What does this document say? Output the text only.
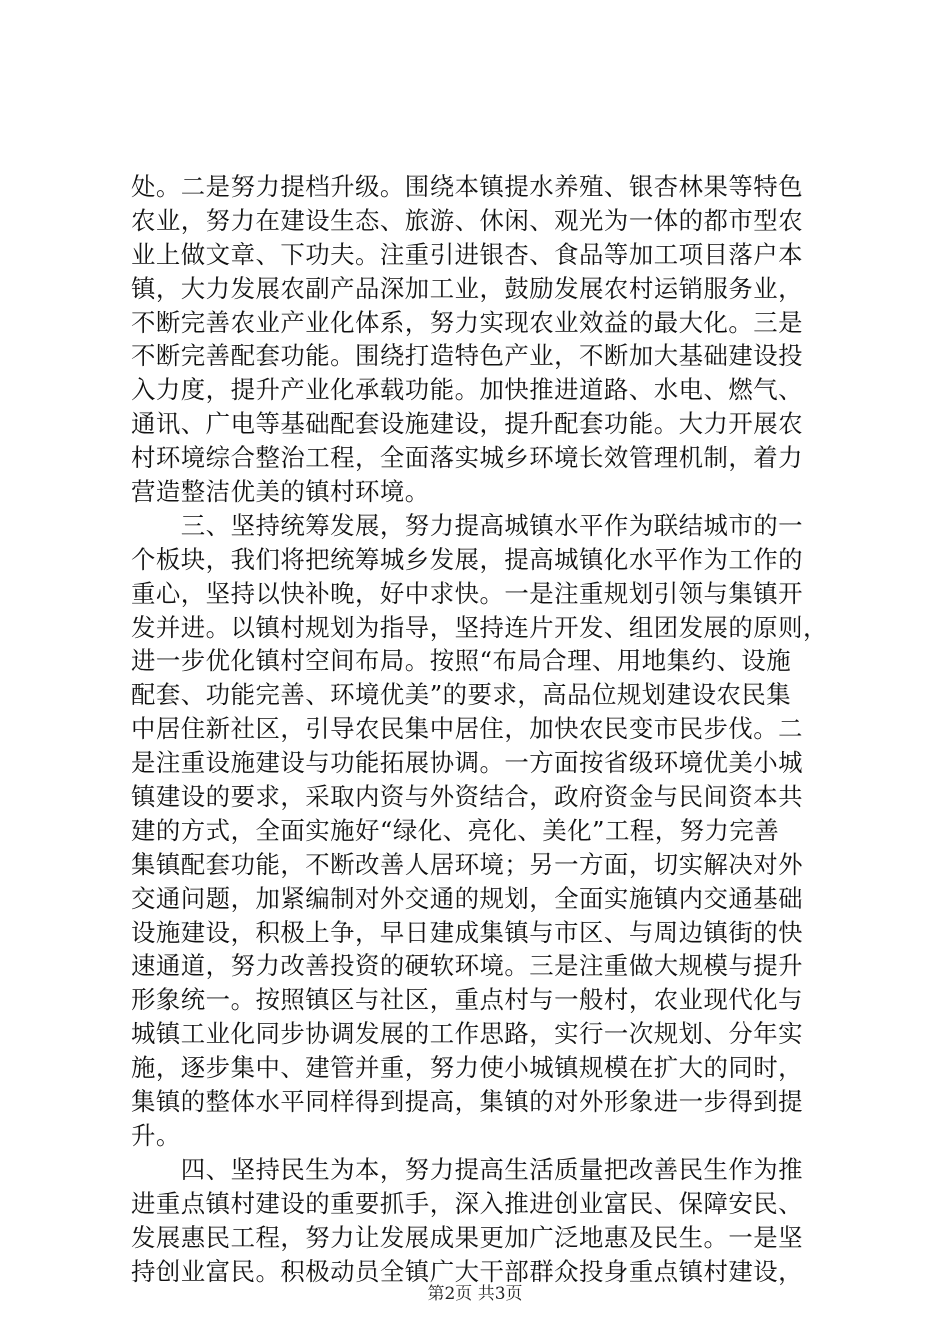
处。二是努力提档升级。围绕本镇提水养殖、银杏林果等特色
农业，努力在建设生态、旅游、休闲、观光为一体的都市型农
业上做文章、下功夫。注重引进银杏、食品等加工项目落户本
镇，大力发展农副产品深加工业，鼓励发展农村运销服务业，
不断完善农业产业化体系，努力实现农业效益的最大化。三是
不断完善配套功能。围绕打造特色产业，不断加大基础建设投
入力度，提升产业化承载功能。加快推进道路、水电、燃气、
通讯、广电等基础配套设施建设，提升配套功能。大力开展农
村环境综合整治工程，全面落实城乡环境长效管理机制，着力
营造整洁优美的镇村环境。
　　三、坚持统筹发展，努力提高城镇水平作为联结城市的一
个板块，我们将把统筹城乡发展，提高城镇化水平作为工作的
重心，坚持以快补晚，好中求快。一是注重规划引领与集镇开
发并进。以镇村规划为指导，坚持连片开发、组团发展的原则，
进一步优化镇村空间布局。按照“布局合理、用地集约、设施
配套、功能完善、环境优美”的要求，高品位规划建设农民集
中居住新社区，引导农民集中居住，加快农民变市民步伐。二
是注重设施建设与功能拓展协调。一方面按省级环境优美小城
镇建设的要求，采取内资与外资结合，政府资金与民间资本共
建的方式，全面实施好“绿化、亮化、美化”工程，努力完善
集镇配套功能，不断改善人居环境；另一方面，切实解决对外
交通问题，加紧编制对外交通的规划，全面实施镇内交通基础
设施建设，积极上争，早日建成集镇与市区、与周边镇街的快
速通道，努力改善投资的硬软环境。三是注重做大规模与提升
形象统一。按照镇区与社区，重点村与一般村，农业现代化与
城镇工业化同步协调发展的工作思路，实行一次规划、分年实
施，逐步集中、建管并重，努力使小城镇规模在扩大的同时，
集镇的整体水平同样得到提高，集镇的对外形象进一步得到提
升。
　　四、坚持民生为本，努力提高生活质量把改善民生作为推
进重点镇村建设的重要抓手，深入推进创业富民、保障安民、
发展惠民工程，努力让发展成果更加广泛地惠及民生。一是坚
持创业富民。积极动员全镇广大干部群众投身重点镇村建设，
第2页 共3页
